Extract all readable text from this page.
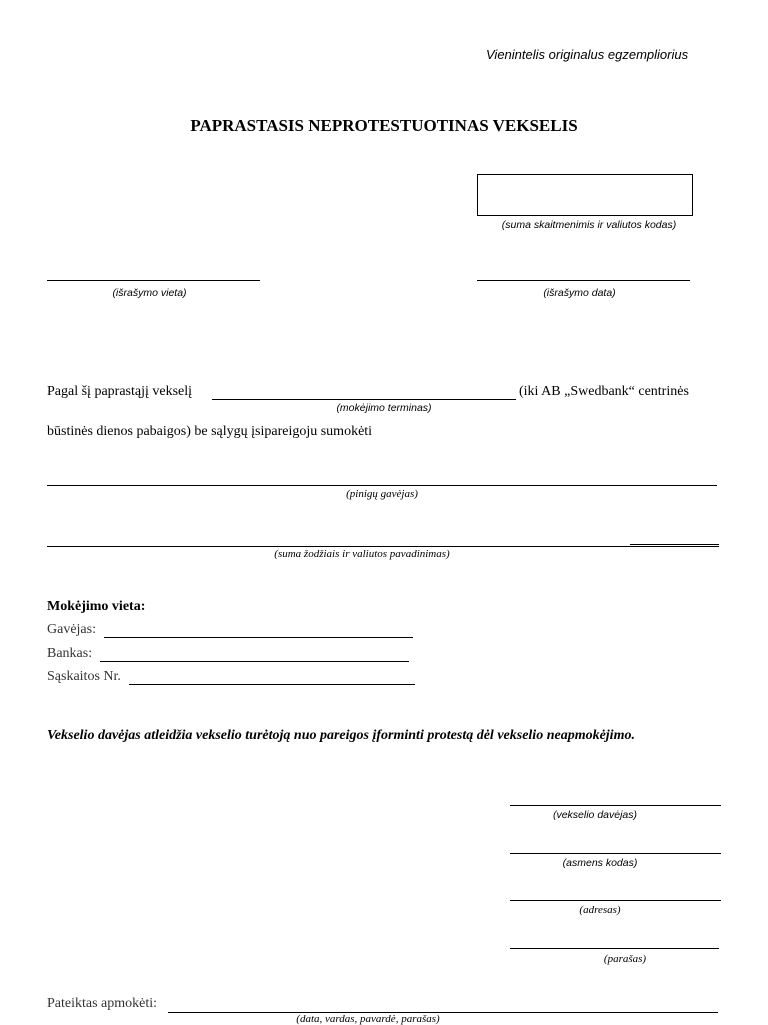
Vienintelis originalus egzempliorius
PAPRASTASIS NEPROTESTUOTINAS VEKSELIS
(suma skaitmenimis ir valiutos kodas)
(išrašymo vieta)	(išrašymo data)
Pagal šį paprastąjį vekselį	(iki AB „Swedbank“ centrinės
(mokėjimo terminas)
būstinės dienos pabaigos) be sąlygų įsipareigoju sumokėti
(pinigų gavėjas)
(suma žodžiais ir valiutos pavadinimas)
Mokėjimo vieta:
Gavėjas:
Bankas:
Sąskaitos Nr.
Vekselio davėjas atleidžia vekselio turėtoją nuo pareigos įforminti protestą dėl vekselio neapmokėjimo.
(vekselio davėjas)
(asmens kodas)
(adresas)
(parašas)
Pateiktas apmokėti:
(data, vardas, pavardė, parašas)
